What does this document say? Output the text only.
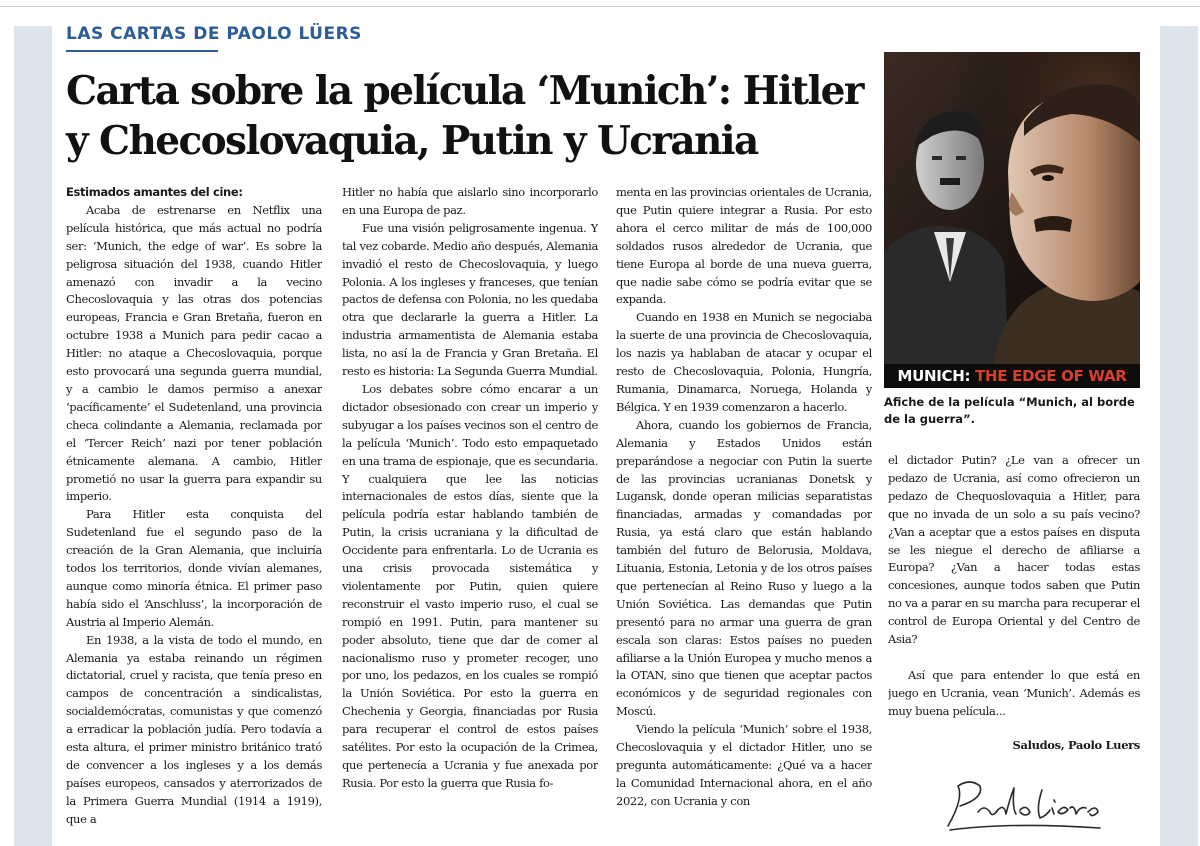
LAS CARTAS DE PAOLO LÜERS
Carta sobre la película ‘Munich’: Hitler y Checoslovaquia, Putin y Ucrania

Estimados amantes del cine:

Acaba de estrenarse en Netflix una película histórica, que más actual no podría ser: ‘Munich, the edge of war’. Es sobre la peligrosa situación del 1938, cuando Hitler amenazó con invadir a la vecino Checoslovaquia y las otras dos potencias europeas, Francia e Gran Bretaña, fueron en octubre 1938 a Munich para pedir cacao a Hitler: no ataque a Checoslovaquia, porque esto provocará una segunda guerra mundial, y a cambio le damos permiso a anexar ‘pacíficamente’ el Sudetenland, una provincia checa colindante a Alemania, reclamada por el ‘Tercer Reich’ nazi por tener población étnicamente alemana. A cambio, Hitler prometió no usar la guerra para expandir su imperio.

Para Hitler esta conquista del Sudetenland fue el segundo paso de la creación de la Gran Alemania, que incluiría todos los territorios, donde vivían alemanes, aunque como minoría étnica. El primer paso había sido el ‘Anschluss’, la incorporación de Austria al Imperio Alemán.

En 1938, a la vista de todo el mundo, en Alemania ya estaba reinando un régimen dictatorial, cruel y racista, que tenía preso en campos de concentración a sindicalistas, socialdemócratas, comunistas y que comenzó a erradicar la población judía. Pero todavía a esta altura, el primer ministro británico trató de convencer a los ingleses y a los demás países europeos, cansados y aterrorizados de la Primera Guerra Mundial (1914 a 1919), que a

Hitler no había que aislarlo sino incorporarlo en una Europa de paz.

Fue una visión peligrosamente ingenua. Y tal vez cobarde. Medio año después, Alemania invadió el resto de Checoslovaquia, y luego Polonia. A los ingleses y franceses, que tenían pactos de defensa con Polonia, no les quedaba otra que declararle la guerra a Hitler. La industria armamentista de Alemania estaba lista, no así la de Francia y Gran Bretaña. El resto es historia: La Segunda Guerra Mundial.

Los debates sobre cómo encarar a un dictador obsesionado con crear un imperio y subyugar a los países vecinos son el centro de la película ‘Munich’. Todo esto empaquetado en una trama de espionaje, que es secundaria. Y cualquiera que lee las noticias internacionales de estos días, siente que la película podría estar hablando también de Putin, la crisis ucraniana y la dificultad de Occidente para enfrentarla. Lo de Ucrania es una crisis provocada sistemática y violentamente por Putin, quien quiere reconstruir el vasto imperio ruso, el cual se rompió en 1991. Putin, para mantener su poder absoluto, tiene que dar de comer al nacionalismo ruso y prometer recoger, uno por uno, los pedazos, en los cuales se rompió la Unión Soviética. Por esto la guerra en Chechenia y Georgia, financiadas por Rusia para recuperar el control de estos países satélites. Por esto la ocupación de la Crimea, que pertenecía a Ucrania y fue anexada por Rusia. Por esto la guerra que Rusia fo-

menta en las provincias orientales de Ucrania, que Putin quiere integrar a Rusia. Por esto ahora el cerco militar de más de 100,000 soldados rusos alrededor de Ucrania, que tiene Europa al borde de una nueva guerra, que nadie sabe cómo se podría evitar que se expanda.

Cuando en 1938 en Munich se negociaba la suerte de una provincia de Checoslovaquia, los nazis ya hablaban de atacar y ocupar el resto de Checoslovaquia, Polonia, Hungría, Rumania, Dinamarca, Noruega, Holanda y Bélgica. Y en 1939 comenzaron a hacerlo.

Ahora, cuando los gobiernos de Francia, Alemania y Estados Unidos están preparándose a negociar con Putin la suerte de las provincias ucranianas Donetsk y Lugansk, donde operan milicias separatistas financiadas, armadas y comandadas por Rusia, ya está claro que están hablando también del futuro de Belorusia, Moldava, Lituania, Estonia, Letonia y de los otros países que pertenecían al Reino Ruso y luego a la Unión Soviética. Las demandas que Putin presentó para no armar una guerra de gran escala son claras: Estos países no pueden afiliarse a la Unión Europea y mucho menos a la OTAN, sino que tienen que aceptar pactos económicos y de seguridad regionales con Moscú.

Viendo la película ‘Munich’ sobre el 1938, Checoslovaquia y el dictador Hitler, uno se pregunta automáticamente: ¿Qué va a hacer la Comunidad Internacional ahora, en el año 2022, con Ucrania y con

MUNICH: THE EDGE OF WAR
Afiche de la película “Munich, al borde de la guerra”.

el dictador Putin? ¿Le van a ofrecer un pedazo de Ucrania, así como ofrecieron un pedazo de Chequoslovaquia a Hitler, para que no invada de un solo a su país vecino? ¿Van a aceptar que a estos países en disputa se les niegue el derecho de afiliarse a Europa? ¿Van a hacer todas estas concesiones, aunque todos saben que Putin no va a parar en su marcha para recuperar el control de Europa Oriental y del Centro de Asia?

Así que para entender lo que está en juego en Ucrania, vean ‘Munich’. Además es muy buena película...

Saludos, Paolo Luers
